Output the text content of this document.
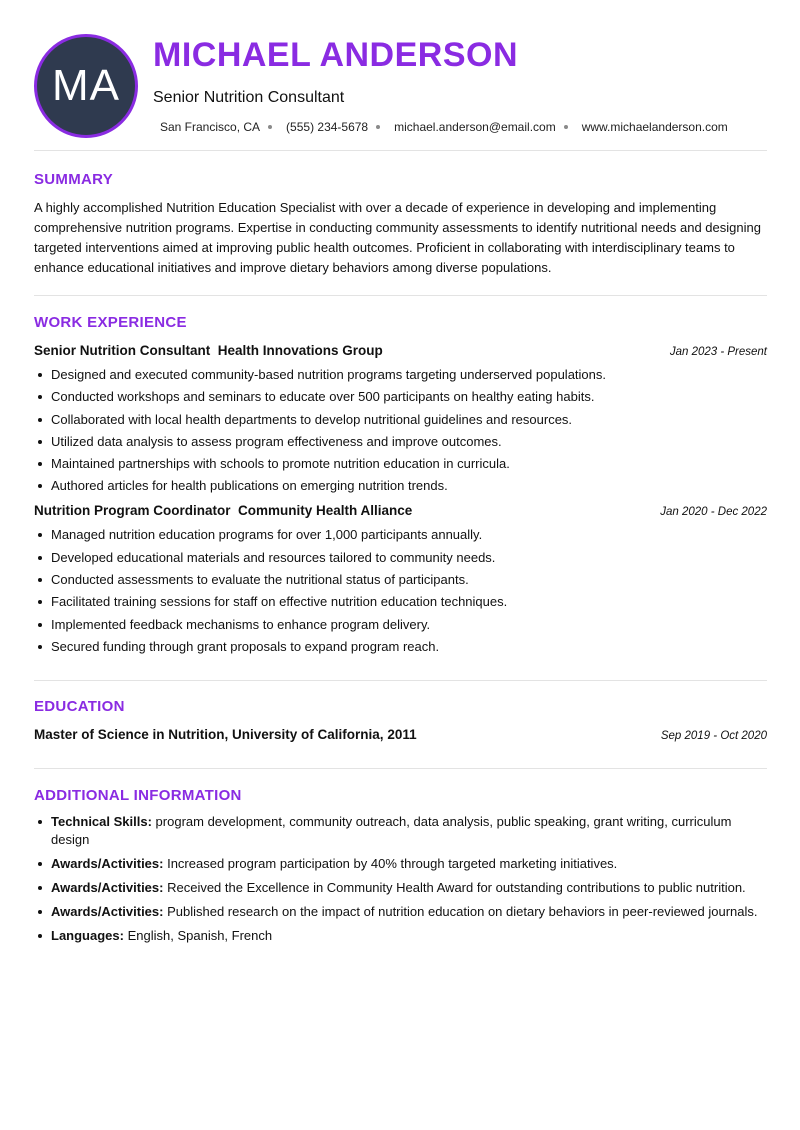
MA
MICHAEL ANDERSON
Senior Nutrition Consultant
San Francisco, CA (555) 234-5678 michael.anderson@email.com www.michaelanderson.com
SUMMARY
A highly accomplished Nutrition Education Specialist with over a decade of experience in developing and implementing comprehensive nutrition programs. Expertise in conducting community assessments to identify nutritional needs and designing targeted interventions aimed at improving public health outcomes. Proficient in collaborating with interdisciplinary teams to enhance educational initiatives and improve dietary behaviors among diverse populations.
WORK EXPERIENCE
Senior Nutrition Consultant Health Innovations Group	Jan 2023 - Present
Designed and executed community-based nutrition programs targeting underserved populations.
Conducted workshops and seminars to educate over 500 participants on healthy eating habits.
Collaborated with local health departments to develop nutritional guidelines and resources.
Utilized data analysis to assess program effectiveness and improve outcomes.
Maintained partnerships with schools to promote nutrition education in curricula.
Authored articles for health publications on emerging nutrition trends.
Nutrition Program Coordinator Community Health Alliance	Jan 2020 - Dec 2022
Managed nutrition education programs for over 1,000 participants annually.
Developed educational materials and resources tailored to community needs.
Conducted assessments to evaluate the nutritional status of participants.
Facilitated training sessions for staff on effective nutrition education techniques.
Implemented feedback mechanisms to enhance program delivery.
Secured funding through grant proposals to expand program reach.
EDUCATION
Master of Science in Nutrition, University of California, 2011	Sep 2019 - Oct 2020
ADDITIONAL INFORMATION
Technical Skills: program development, community outreach, data analysis, public speaking, grant writing, curriculum design
Awards/Activities: Increased program participation by 40% through targeted marketing initiatives.
Awards/Activities: Received the Excellence in Community Health Award for outstanding contributions to public nutrition.
Awards/Activities: Published research on the impact of nutrition education on dietary behaviors in peer-reviewed journals.
Languages: English, Spanish, French
